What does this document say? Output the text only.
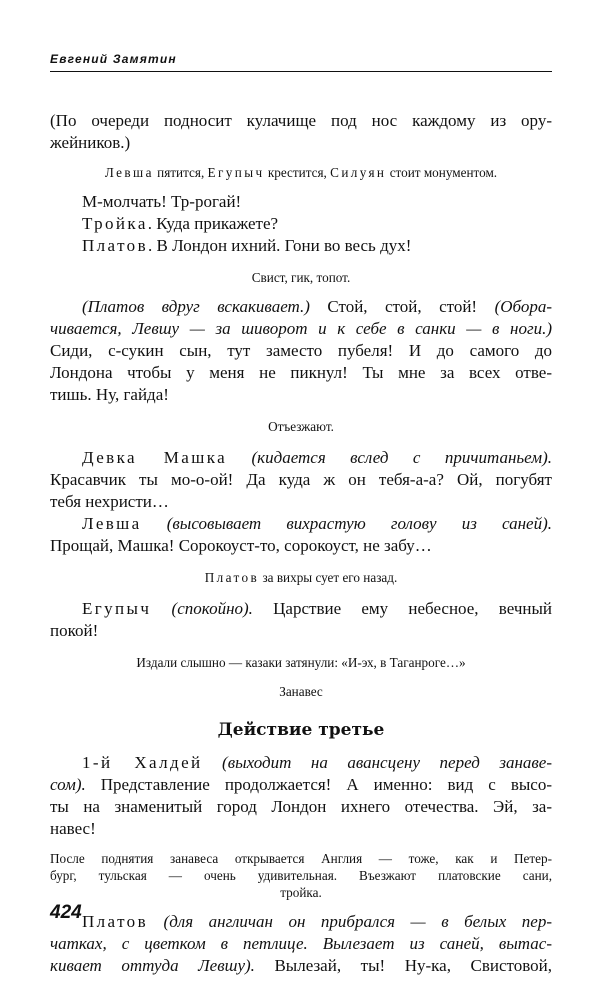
Евгений Замятин

(По очереди подносит кулачище под нос каждому из ору-
жейников.)

Левша пятится, Егупыч крестится, Силуян стоит монументом.

М-молчать! Тр-рогай!
Тройка. Куда прикажете?
Платов. В Лондон ихний. Гони во весь дух!

Свист, гик, топот.

(Платов вдруг вскакивает.) Стой, стой, стой! (Обора-
чивается, Левшу — за шиворот и к себе в санки — в ноги.)
Сиди, с-сукин сын, тут заместо пубеля! И до самого до
Лондона чтобы у меня не пикнул! Ты мне за всех отве-
тишь. Ну, гайда!

Отъезжают.

Девка Машка (кидается вслед с причитаньем).
Красавчик ты мо-о-ой! Да куда ж он тебя-а-а? Ой, погубят
тебя нехристи…
Левша (высовывает вихрастую голову из саней).
Прощай, Машка! Сорокоуст-то, сорокоуст, не забу…

Платов за вихры сует его назад.

Егупыч (спокойно). Царствие ему небесное, вечный
покой!

Издали слышно — казаки затянули: «И-эх, в Таганроге…»

Занавес

Действие третье

1-й Халдей (выходит на авансцену перед занаве-
сом). Представление продолжается! А именно: вид с высо-
ты на знаменитый город Лондон ихнего отечества. Эй, за-
навес!

После поднятия занавеса открывается Англия — тоже, как и Петер-
бург, тульская — очень удивительная. Въезжают платовские сани,
тройка.

Платов (для англичан он прибрался — в белых пер-
чатках, с цветком в петлице. Вылезает из саней, вытас-
кивает оттуда Левшу). Вылезай, ты! Ну-ка, Свистовой,

424
